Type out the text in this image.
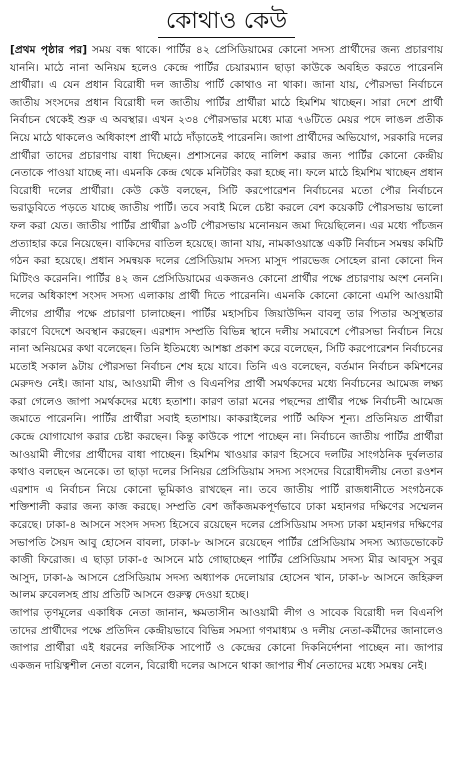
কোথাও কেউ

[প্রথম পৃষ্ঠার পর] সময় বন্ধ থাকে। পার্টির ৪২ প্রেসিডিয়ামের কোনো সদস্য প্রার্থীদের জন্য প্রচারণায় যাননি। মাঠে নানা অনিয়ম হলেও কেন্দ্রে পার্টির চেয়ারম্যান ছাড়া কাউকে অবহিত করতে পারেননি প্রার্থীরা। এ যেন প্রধান বিরোধী দল জাতীয় পার্টি কোথাও না থাকা। জানা যায়, পৌরসভা নির্বাচনে জাতীয় সংসদের প্রধান বিরোধী দল জাতীয় পার্টির প্রার্থীরা মাঠে হিমশিম খাচ্ছেন। সারা দেশে প্রার্থী নির্বাচন থেকেই শুরু এ অবস্থার। এখন ২৩৪ পৌরসভার মধ্যে মাত্র ৭৬টিতে মেয়র পদে লাঙল প্রতীক নিয়ে মাঠে থাকলেও অধিকাংশ প্রার্থী মাঠে দাঁড়াতেই পারেননি। জাপা প্রার্থীদের অভিযোগ, সরকারি দলের প্রার্থীরা তাদের প্রচারণায় বাধা দিচ্ছেন। প্রশাসনের কাছে নালিশ করার জন্য পার্টির কোনো কেন্দ্রীয় নেতাকে পাওয়া যাচ্ছে না। এমনকি কেন্দ্র থেকে মনিটরিং করা হচ্ছে না। ফলে মাঠে হিমশিম খাচ্ছেন প্রধান বিরোধী দলের প্রার্থীরা। কেউ কেউ বলছেন, সিটি করপোরেশন নির্বাচনের মতো পৌর নির্বাচনে ভরাডুবিতে পড়তে যাচ্ছে জাতীয় পার্টি। তবে সবাই মিলে চেষ্টা করলে বেশ কয়েকটি পৌরসভায় ভালো ফল করা যেত। জাতীয় পার্টির প্রার্থীরা ৯৩টি পৌরসভায় মনোনয়ন জমা দিয়েছিলেন। এর মধ্যে পাঁচজন প্রত্যাহার করে নিয়েছেন। বাকিদের বাতিল হয়েছে। জানা যায়, নামকাওয়াস্তে একটি নির্বাচন সমন্বয় কমিটি গঠন করা হয়েছে। প্রধান সমন্বয়ক দলের প্রেসিডিয়াম সদস্য মাসুদ পারভেজ সোহেল রানা কোনো দিন মিটিংও করেননি। পার্টির ৪২ জন প্রেসিডিয়ামের একজনও কোনো প্রার্থীর পক্ষে প্রচারণায় অংশ নেননি। দলের অধিকাংশ সংসদ সদস্য এলাকায় প্রার্থী দিতে পারেননি। এমনকি কোনো কোনো এমপি আওয়ামী লীগের প্রার্থীর পক্ষে প্রচারণা চালাচ্ছেন। পার্টির মহাসচিব জিয়াউদ্দিন বাবলু তার পিতার অসুস্থতার কারণে বিদেশে অবস্থান করছেন। এরশাদ সম্প্রতি বিভিন্ন স্থানে দলীয় সমাবেশে পৌরসভা নির্বাচন নিয়ে নানা অনিয়মের কথা বলেছেন। তিনি ইতিমধ্যে আশঙ্কা প্রকাশ করে বলেছেন, সিটি করপোরেশন নির্বাচনের মতোই সকাল ৯টায় পৌরসভা নির্বাচন শেষ হয়ে যাবে। তিনি এও বলেছেন, বর্তমান নির্বাচন কমিশনের মেরুদণ্ড নেই। জানা যায়, আওয়ামী লীগ ও বিএনপির প্রার্থী সমর্থকদের মধ্যে নির্বাচনের আমেজ লক্ষ্য করা গেলেও জাপা সমর্থকদের মধ্যে হতাশা। কারণ তারা মনের পছন্দের প্রার্থীর পক্ষে নির্বাচনী আমেজ জমাতে পারেননি। পার্টির প্রার্থীরা সবাই হতাশায়। কাকরাইলের পার্টি অফিস শূন্য। প্রতিনিয়ত প্রার্থীরা কেন্দ্রে যোগাযোগ করার চেষ্টা করছেন। কিন্তু কাউকে পাশে পাচ্ছেন না। নির্বাচনে জাতীয় পার্টির প্রার্থীরা আওয়ামী লীগের প্রার্থীদের বাধা পাচ্ছেন। হিমশিম খাওয়ার কারণ হিসেবে দলটির সাংগঠনিক দুর্বলতার কথাও বলছেন অনেকে। তা ছাড়া দলের সিনিয়র প্রেসিডিয়াম সদস্য সংসদের বিরোধীদলীয় নেতা রওশন এরশাদ এ নির্বাচন নিয়ে কোনো ভূমিকাও রাখছেন না। তবে জাতীয় পার্টি রাজধানীতে সংগঠনকে শক্তিশালী করার জন্য কাজ করছে। সম্প্রতি বেশ জাঁকজমকপূর্ণভাবে ঢাকা মহানগর দক্ষিণের সম্মেলন করেছে। ঢাকা-৪ আসনে সংসদ সদস্য হিসেবে রয়েছেন দলের প্রেসিডিয়াম সদস্য ঢাকা মহানগর দক্ষিণের সভাপতি সৈয়দ আবু হোসেন বাবলা, ঢাকা-৮ আসনে রয়েছেন পার্টির প্রেসিডিয়াম সদস্য অ্যাডভোকেট কাজী ফিরোজ। এ ছাড়া ঢাকা-৫ আসনে মাঠ গোছাচ্ছেন পার্টির প্রেসিডিয়াম সদস্য মীর আবদুস সবুর আসুদ, ঢাকা-৯ আসনে প্রেসিডিয়াম সদস্য অধ্যাপক দেলোয়ার হোসেন খান, ঢাকা-৮ আসনে জহিরুল আলম রুবেলসহ প্রায় প্রতিটি আসনে গুরুত্ব দেওয়া হচ্ছে।

জাপার তৃণমূলের একাধিক নেতা জানান, ক্ষমতাসীন আওয়ামী লীগ ও সাবেক বিরোধী দল বিএনপি তাদের প্রার্থীদের পক্ষে প্রতিদিন কেন্দ্রীয়ভাবে বিভিন্ন সমস্যা গণমাধ্যম ও দলীয় নেতা-কর্মীদের জানালেও জাপার প্রার্থীরা এই ধরনের লজিস্টিক সাপোর্ট ও কেন্দ্রের কোনো দিকনির্দেশনা পাচ্ছেন না। জাপার একজন দায়িত্বশীল নেতা বলেন, বিরোধী দলের আসনে থাকা জাপার শীর্ষ নেতাদের মধ্যে সমন্বয় নেই।
